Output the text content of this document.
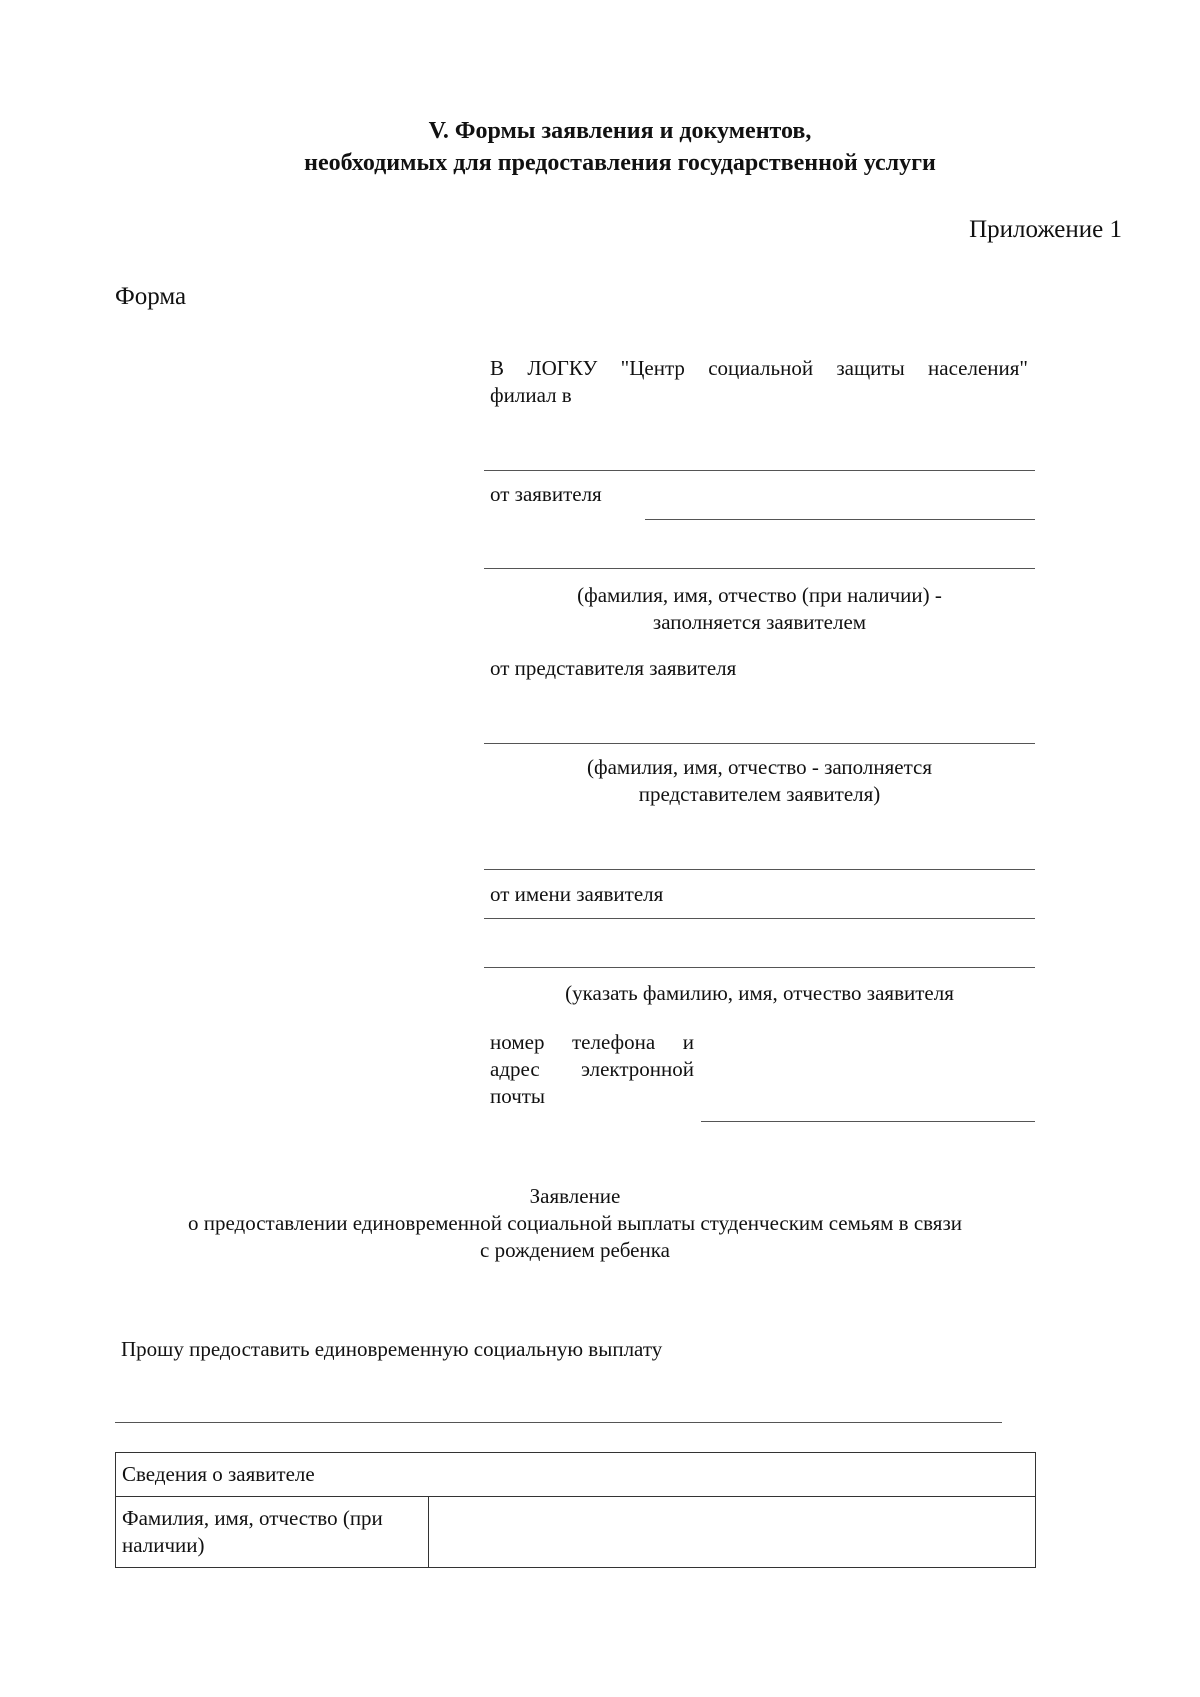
V. Формы заявления и документов,
необходимых для предоставления государственной услуги
Приложение 1
Форма
В ЛОГКУ "Центр социальной защиты населения"
филиал в
от заявителя
(фамилия, имя, отчество (при наличии) -
заполняется заявителем
от представителя заявителя
(фамилия, имя, отчество - заполняется
представителем заявителя)
от имени заявителя
(указать фамилию, имя, отчество заявителя
номер телефона и
адрес электронной
почты
Заявление
о предоставлении единовременной социальной выплаты студенческим семьям в связи
с рождением ребенка
Прошу предоставить единовременную социальную выплату
Сведения о заявителе
Фамилия, имя, отчество (при наличии)	
